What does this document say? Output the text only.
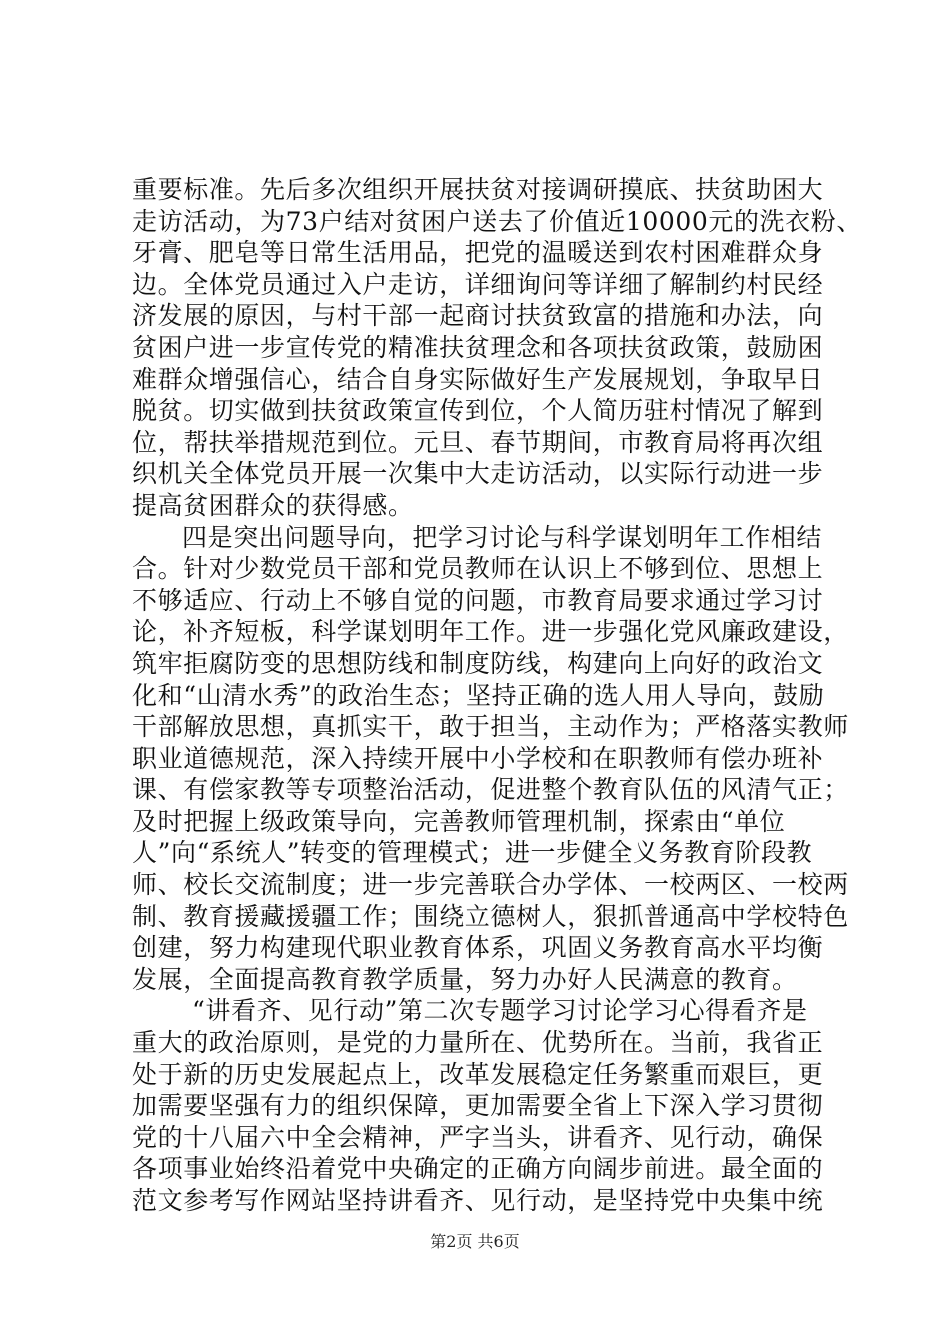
重要标准。先后多次组织开展扶贫对接调研摸底、扶贫助困大
走访活动，为73户结对贫困户送去了价值近10000元的洗衣粉、
牙膏、肥皂等日常生活用品，把党的温暖送到农村困难群众身
边。全体党员通过入户走访，详细询问等详细了解制约村民经
济发展的原因，与村干部一起商讨扶贫致富的措施和办法，向
贫困户进一步宣传党的精准扶贫理念和各项扶贫政策，鼓励困
难群众增强信心，结合自身实际做好生产发展规划，争取早日
脱贫。切实做到扶贫政策宣传到位，个人简历驻村情况了解到
位，帮扶举措规范到位。元旦、春节期间，市教育局将再次组
织机关全体党员开展一次集中大走访活动，以实际行动进一步
提高贫困群众的获得感。
四是突出问题导向，把学习讨论与科学谋划明年工作相结
合。针对少数党员干部和党员教师在认识上不够到位、思想上
不够适应、行动上不够自觉的问题，市教育局要求通过学习讨
论，补齐短板，科学谋划明年工作。进一步强化党风廉政建设，
筑牢拒腐防变的思想防线和制度防线，构建向上向好的政治文
化和“山清水秀”的政治生态；坚持正确的选人用人导向，鼓励
干部解放思想，真抓实干，敢于担当，主动作为；严格落实教师
职业道德规范，深入持续开展中小学校和在职教师有偿办班补
课、有偿家教等专项整治活动，促进整个教育队伍的风清气正；
及时把握上级政策导向，完善教师管理机制，探索由“单位
人”向“系统人”转变的管理模式；进一步健全义务教育阶段教
师、校长交流制度；进一步完善联合办学体、一校两区、一校两
制、教育援藏援疆工作；围绕立德树人，狠抓普通高中学校特色
创建，努力构建现代职业教育体系，巩固义务教育高水平均衡
发展，全面提高教育教学质量，努力办好人民满意的教育。
“讲看齐、见行动”第二次专题学习讨论学习心得看齐是
重大的政治原则，是党的力量所在、优势所在。当前，我省正
处于新的历史发展起点上，改革发展稳定任务繁重而艰巨，更
加需要坚强有力的组织保障，更加需要全省上下深入学习贯彻
党的十八届六中全会精神，严字当头，讲看齐、见行动，确保
各项事业始终沿着党中央确定的正确方向阔步前进。最全面的
范文参考写作网站坚持讲看齐、见行动，是坚持党中央集中统
第2页 共6页
